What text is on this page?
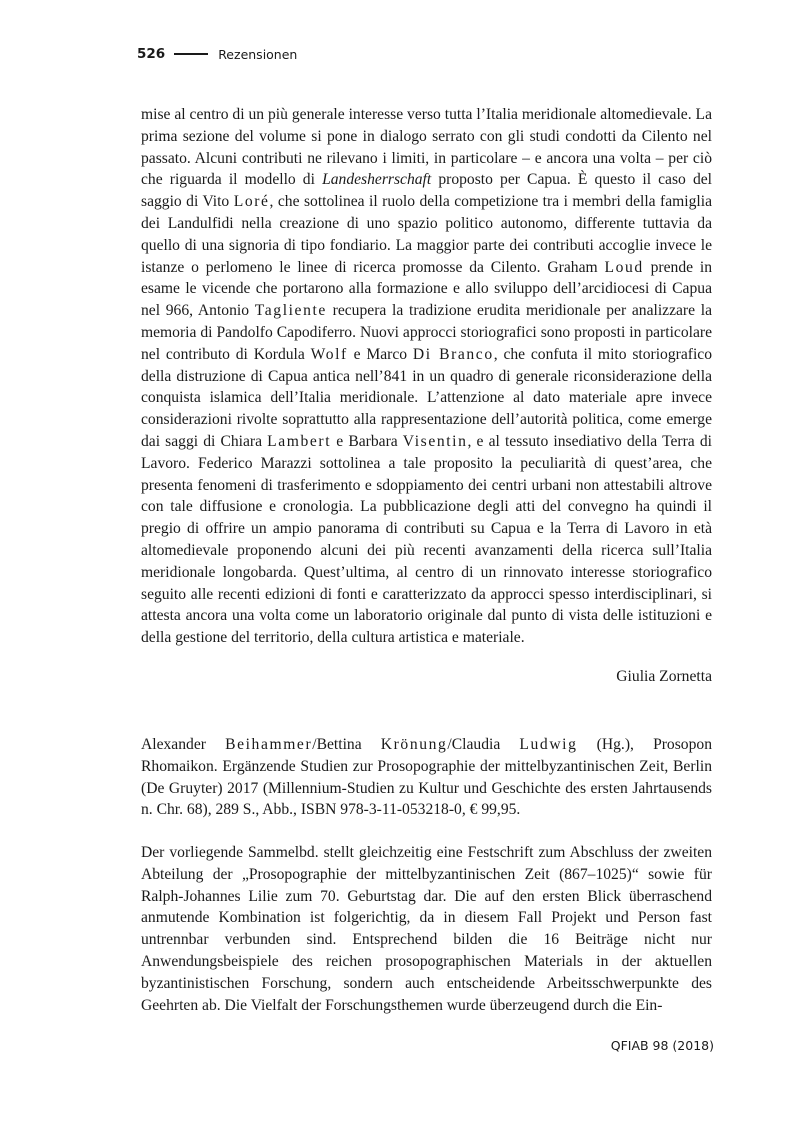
526	Rezensionen

mise al centro di un più generale interesse verso tutta l’Italia meridionale altomedievale. La prima sezione del volume si pone in dialogo serrato con gli studi condotti da Cilento nel passato. Alcuni contributi ne rilevano i limiti, in particolare – e ancora una volta – per ciò che riguarda il modello di Landesherrschaft proposto per Capua. È questo il caso del saggio di Vito Loré, che sottolinea il ruolo della competizione tra i membri della famiglia dei Landulfidi nella creazione di uno spazio politico autonomo, differente tuttavia da quello di una signoria di tipo fondiario. La maggior parte dei contributi accoglie invece le istanze o perlomeno le linee di ricerca promosse da Cilento. Graham Loud prende in esame le vicende che portarono alla formazione e allo sviluppo dell’arcidiocesi di Capua nel 966, Antonio Tagliente recupera la tradizione erudita meridionale per analizzare la memoria di Pandolfo Capodiferro. Nuovi approcci storiografici sono proposti in particolare nel contributo di Kordula Wolf e Marco Di Branco, che confuta il mito storiografico della distruzione di Capua antica nell’841 in un quadro di generale riconsiderazione della conquista islamica dell’Italia meridionale. L’attenzione al dato materiale apre invece considerazioni rivolte soprattutto alla rappresentazione dell’autorità politica, come emerge dai saggi di Chiara Lambert e Barbara Visentin, e al tessuto insediativo della Terra di Lavoro. Federico Marazzi sottolinea a tale proposito la peculiarità di quest’area, che presenta fenomeni di trasferimento e sdoppiamento dei centri urbani non attestabili altrove con tale diffusione e cronologia. La pubblicazione degli atti del convegno ha quindi il pregio di offrire un ampio panorama di contributi su Capua e la Terra di Lavoro in età altomedievale proponendo alcuni dei più recenti avanzamenti della ricerca sull’Italia meridionale longobarda. Quest’ultima, al centro di un rinnovato interesse storiografico seguito alle recenti edizioni di fonti e caratterizzato da approcci spesso interdisciplinari, si attesta ancora una volta come un laboratorio originale dal punto di vista delle istituzioni e della gestione del territorio, della cultura artistica e materiale.

Giulia Zornetta

Alexander Beihammer/Bettina Krönung/Claudia Ludwig (Hg.), Prosopon Rhomaikon. Ergänzende Studien zur Prosopographie der mittelbyzantinischen Zeit, Berlin (De Gruyter) 2017 (Millennium-Studien zu Kultur und Geschichte des ersten Jahrtausends n. Chr. 68), 289 S., Abb., ISBN 978-3-11-053218-0, € 99,95.

Der vorliegende Sammelbd. stellt gleichzeitig eine Festschrift zum Abschluss der zweiten Abteilung der „Prosopographie der mittelbyzantinischen Zeit (867–1025)“ sowie für Ralph-Johannes Lilie zum 70. Geburtstag dar. Die auf den ersten Blick überraschend anmutende Kombination ist folgerichtig, da in diesem Fall Projekt und Person fast untrennbar verbunden sind. Entsprechend bilden die 16 Beiträge nicht nur Anwendungsbeispiele des reichen prosopographischen Materials in der aktuellen byzantinistischen Forschung, sondern auch entscheidende Arbeitsschwerpunkte des Geehrten ab. Die Vielfalt der Forschungsthemen wurde überzeugend durch die Ein-

QFIAB 98 (2018)
